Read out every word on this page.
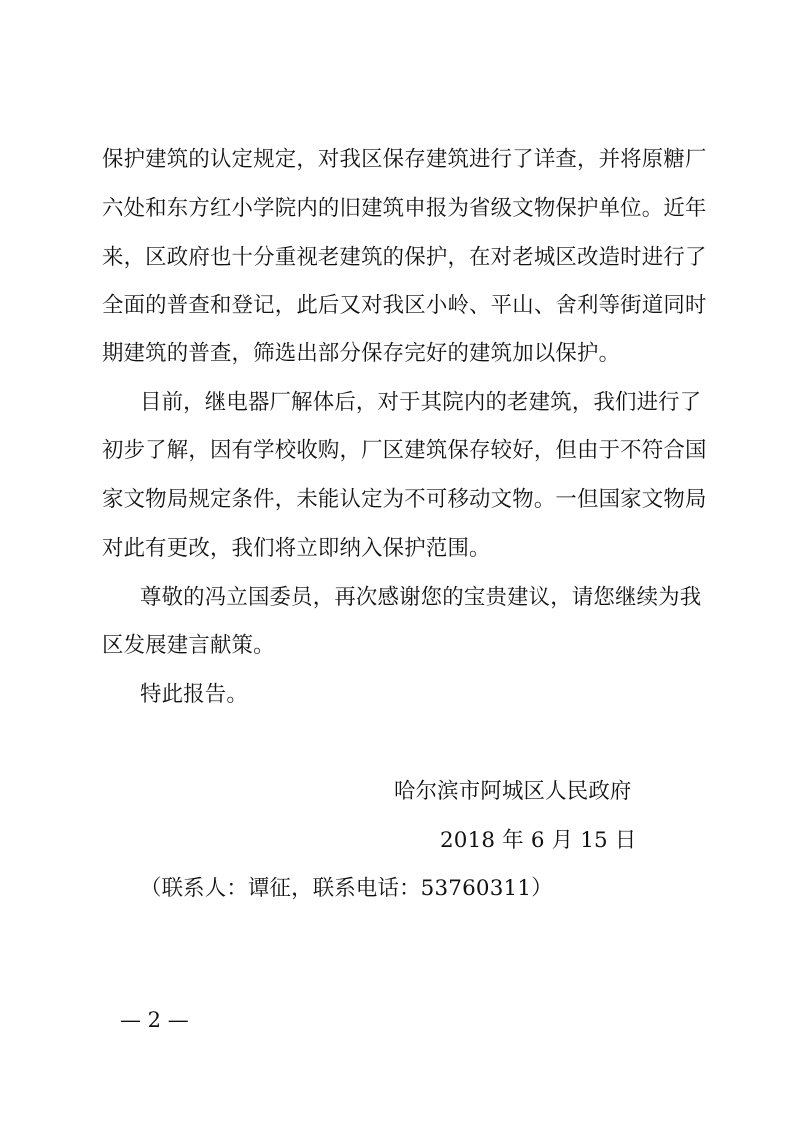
保护建筑的认定规定，对我区保存建筑进行了详查，并将原糖厂
六处和东方红小学院内的旧建筑申报为省级文物保护单位。近年
来，区政府也十分重视老建筑的保护，在对老城区改造时进行了
全面的普查和登记，此后又对我区小岭、平山、舍利等街道同时
期建筑的普查，筛选出部分保存完好的建筑加以保护。
目前，继电器厂解体后，对于其院内的老建筑，我们进行了
初步了解，因有学校收购，厂区建筑保存较好，但由于不符合国
家文物局规定条件，未能认定为不可移动文物。一但国家文物局
对此有更改，我们将立即纳入保护范围。
尊敬的冯立国委员，再次感谢您的宝贵建议，请您继续为我
区发展建言献策。
特此报告。
哈尔滨市阿城区人民政府
2018 年 6 月 15 日
（联系人：谭征，联系电话：53760311）
— 2 —
